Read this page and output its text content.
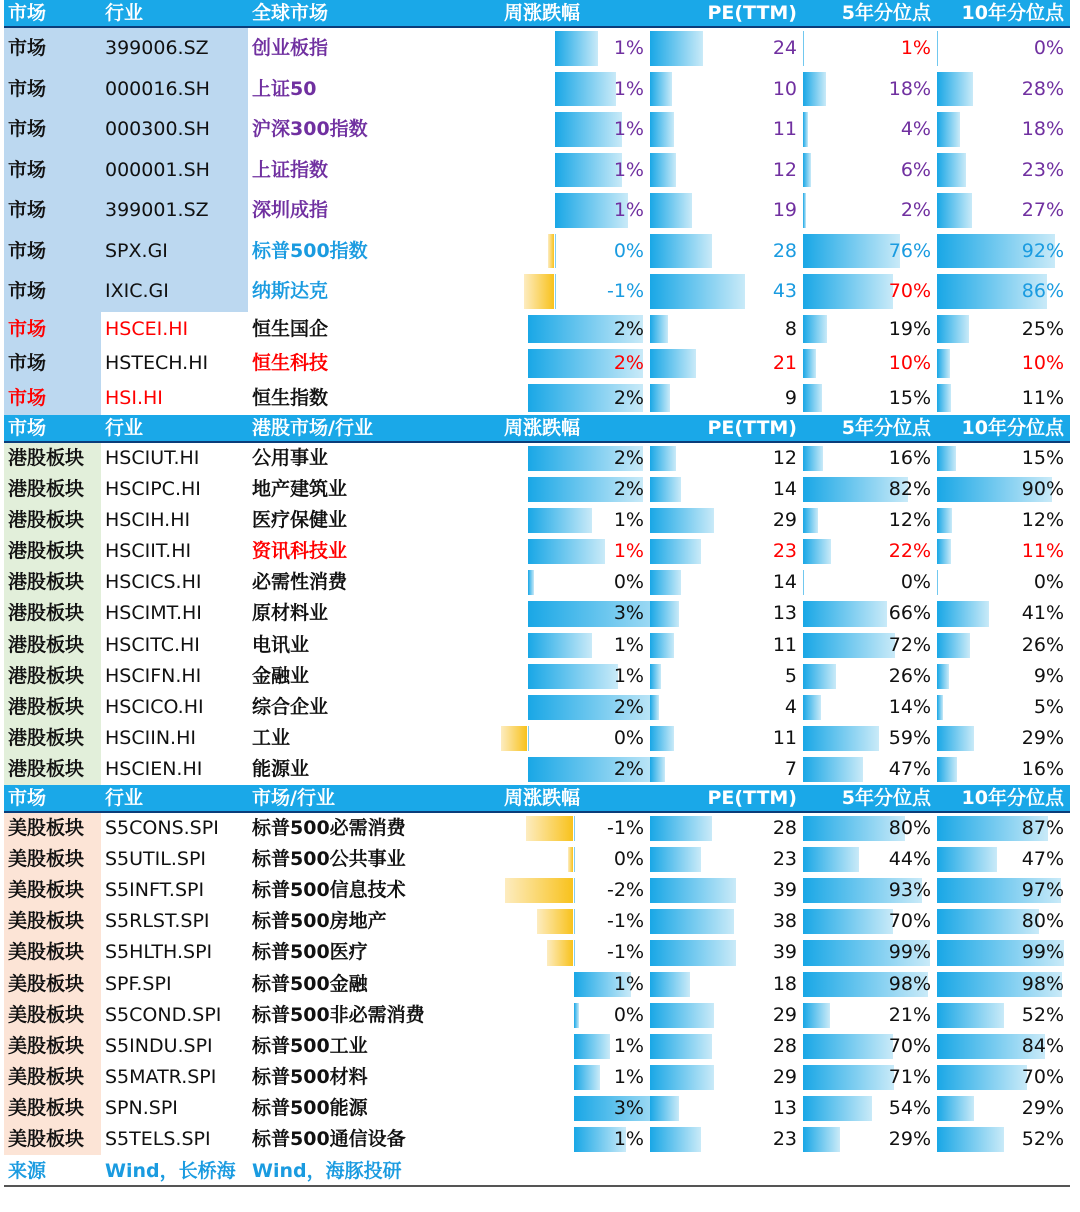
市场	行业	全球市场	周涨跌幅	PE(TTM)	5年分位点	10年分位点
市场	399006.SZ	创业板指	1%	24	1%	0%
市场	000016.SH	上证50	1%	10	18%	28%
市场	000300.SH	沪深300指数	1%	11	4%	18%
市场	000001.SH	上证指数	1%	12	6%	23%
市场	399001.SZ	深圳成指	1%	19	2%	27%
市场	SPX.GI	标普500指数	0%	28	76%	92%
市场	IXIC.GI	纳斯达克	-1%	43	70%	86%
市场	HSCEI.HI	恒生国企	2%	8	19%	25%
市场	HSTECH.HI	恒生科技	2%	21	10%	10%
市场	HSI.HI	恒生指数	2%	9	15%	11%
市场	行业	港股市场/行业	周涨跌幅	PE(TTM)	5年分位点	10年分位点
港股板块	HSCIUT.HI	公用事业	2%	12	16%	15%
港股板块	HSCIPC.HI	地产建筑业	2%	14	82%	90%
港股板块	HSCIH.HI	医疗保健业	1%	29	12%	12%
港股板块	HSCIIT.HI	资讯科技业	1%	23	22%	11%
港股板块	HSCICS.HI	必需性消费	0%	14	0%	0%
港股板块	HSCIMT.HI	原材料业	3%	13	66%	41%
港股板块	HSCITC.HI	电讯业	1%	11	72%	26%
港股板块	HSCIFN.HI	金融业	1%	5	26%	9%
港股板块	HSCICO.HI	综合企业	2%	4	14%	5%
港股板块	HSCIIN.HI	工业	0%	11	59%	29%
港股板块	HSCIEN.HI	能源业	2%	7	47%	16%
市场	行业	市场/行业	周涨跌幅	PE(TTM)	5年分位点	10年分位点
美股板块	S5CONS.SPI	标普500必需消费	-1%	28	80%	87%
美股板块	S5UTIL.SPI	标普500公共事业	0%	23	44%	47%
美股板块	S5INFT.SPI	标普500信息技术	-2%	39	93%	97%
美股板块	S5RLST.SPI	标普500房地产	-1%	38	70%	80%
美股板块	S5HLTH.SPI	标普500医疗	-1%	39	99%	99%
美股板块	SPF.SPI	标普500金融	1%	18	98%	98%
美股板块	S5COND.SPI	标普500非必需消费	0%	29	21%	52%
美股板块	S5INDU.SPI	标普500工业	1%	28	70%	84%
美股板块	S5MATR.SPI	标普500材料	1%	29	71%	70%
美股板块	SPN.SPI	标普500能源	3%	13	54%	29%
美股板块	S5TELS.SPI	标普500通信设备	1%	23	29%	52%
来源	Wind，长桥海 Wind，海豚投研
